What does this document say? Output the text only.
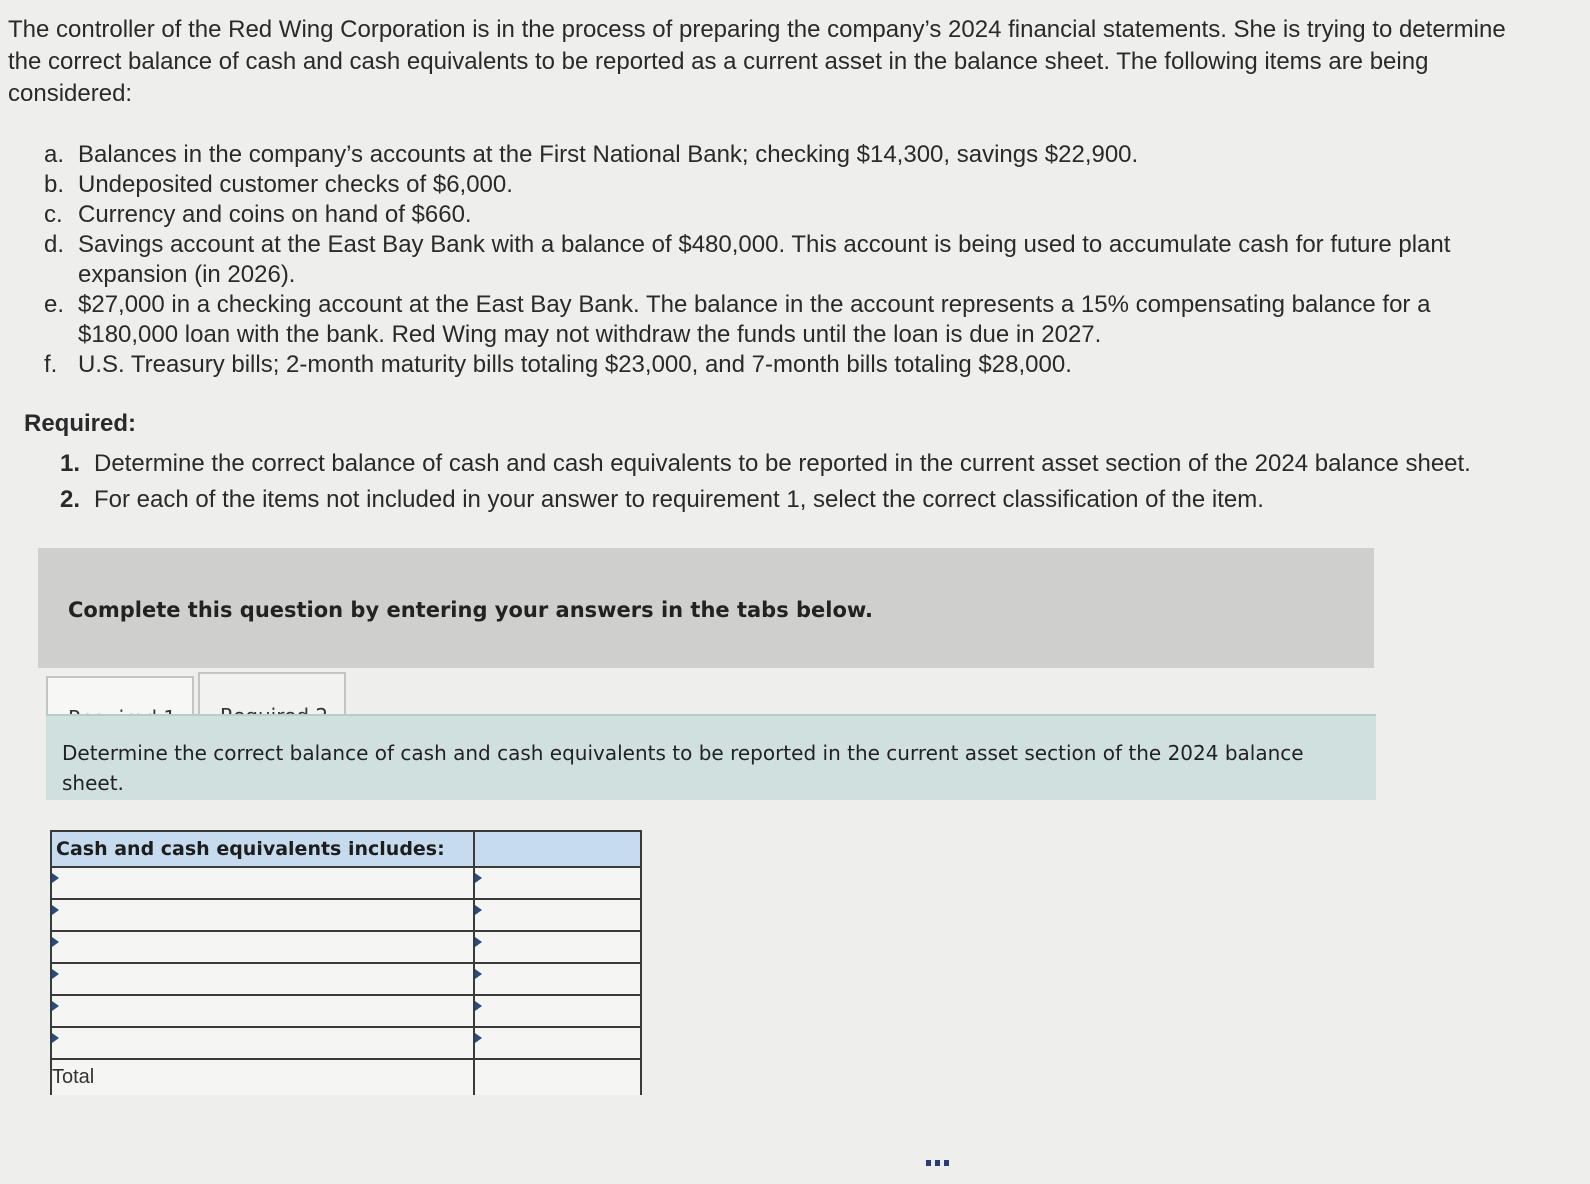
The controller of the Red Wing Corporation is in the process of preparing the company’s 2024 financial statements. She is trying to determine the correct balance of cash and cash equivalents to be reported as a current asset in the balance sheet. The following items are being considered:

a. Balances in the company’s accounts at the First National Bank; checking $14,300, savings $22,900.
b. Undeposited customer checks of $6,000.
c. Currency and coins on hand of $660.
d. Savings account at the East Bay Bank with a balance of $480,000. This account is being used to accumulate cash for future plant expansion (in 2026).
e. $27,000 in a checking account at the East Bay Bank. The balance in the account represents a 15% compensating balance for a $180,000 loan with the bank. Red Wing may not withdraw the funds until the loan is due in 2027.
f. U.S. Treasury bills; 2-month maturity bills totaling $23,000, and 7-month bills totaling $28,000.

Required:

1. Determine the correct balance of cash and cash equivalents to be reported in the current asset section of the 2024 balance sheet.
2. For each of the items not included in your answer to requirement 1, select the correct classification of the item.
Complete this question by entering your answers in the tabs below.
Determine the correct balance of cash and cash equivalents to be reported in the current asset section of the 2024 balance sheet.
Cash and cash equivalents includes:	

Total	
